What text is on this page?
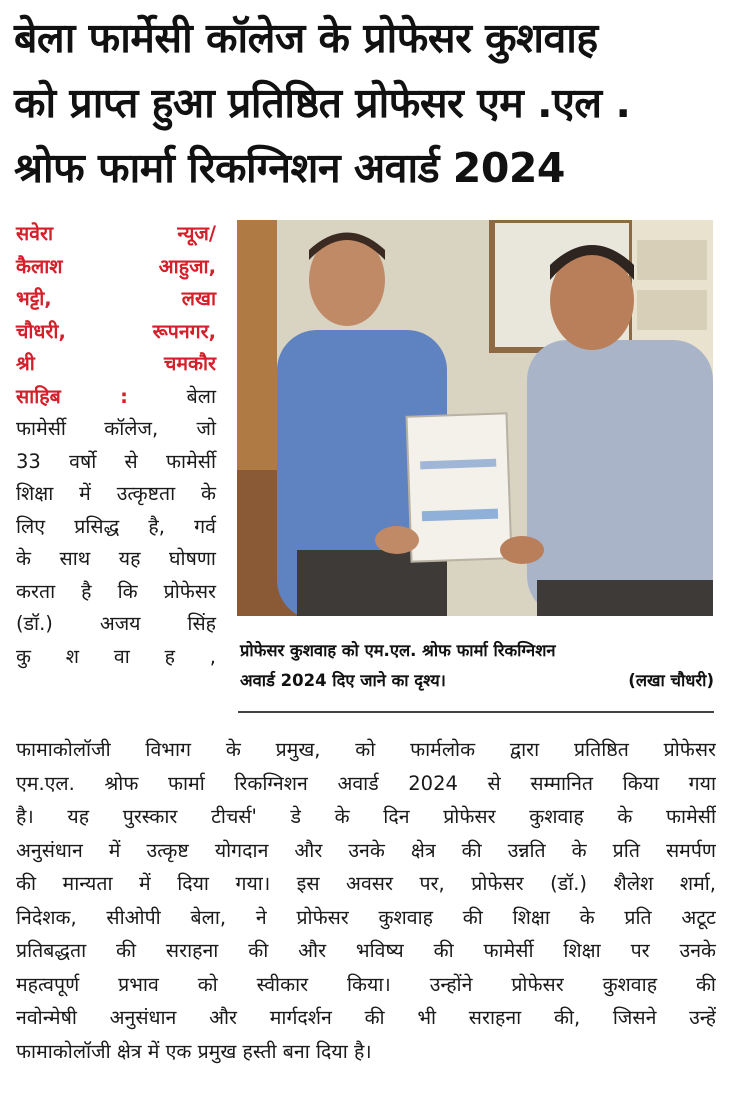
बेला फार्मेसी कॉलेज के प्रोफेसर कुशवाह
को प्राप्त हुआ प्रतिष्ठित प्रोफेसर एम .एल .
श्रोफ फार्मा रिकग्निशन अवार्ड 2024
सवेरा न्यूज/
कैलाश आहुजा,
भट्टी, लखा
चौधरी, रूपनगर,
श्री चमकौर
साहिब :	बेला
फामेर्सी कॉलेज, जो
33 वर्षो से फामेर्सी
शिक्षा में उत्कृष्टता के
लिए प्रसिद्ध है, गर्व
के साथ यह घोषणा
करता है कि प्रोफेसर
(डॉ.) अजय सिंह
कु श वा ह , प्रोफेसर कुशवाह को एम.एल. श्रोफ फार्मा रिकग्निशन
अवार्ड 2024 दिए जाने का दृश्य।	(लखा चौधरी)
फामाकोलॉजी विभाग के प्रमुख, को फार्मलोक द्वारा प्रतिष्ठित प्रोफेसर
एम.एल. श्रोफ फार्मा रिकग्निशन अवार्ड 2024 से सम्मानित किया गया
है। यह पुरस्कार टीचर्स' डे के दिन प्रोफेसर कुशवाह के फामेर्सी
अनुसंधान में उत्कृष्ट योगदान और उनके क्षेत्र की उन्नति के प्रति समर्पण
की मान्यता में दिया गया। इस अवसर पर, प्रोफेसर (डॉ.) शैलेश शर्मा,
निदेशक, सीओपी बेला, ने प्रोफेसर कुशवाह की शिक्षा के प्रति अटूट
प्रतिबद्धता की सराहना की और भविष्य की फामेर्सी शिक्षा पर उनके
महत्वपूर्ण प्रभाव को स्वीकार किया। उन्होंने प्रोफेसर कुशवाह की
नवोन्मेषी अनुसंधान और मार्गदर्शन की भी सराहना की, जिसने उन्हें
फामाकोलॉजी क्षेत्र में एक प्रमुख हस्ती बना दिया है।
